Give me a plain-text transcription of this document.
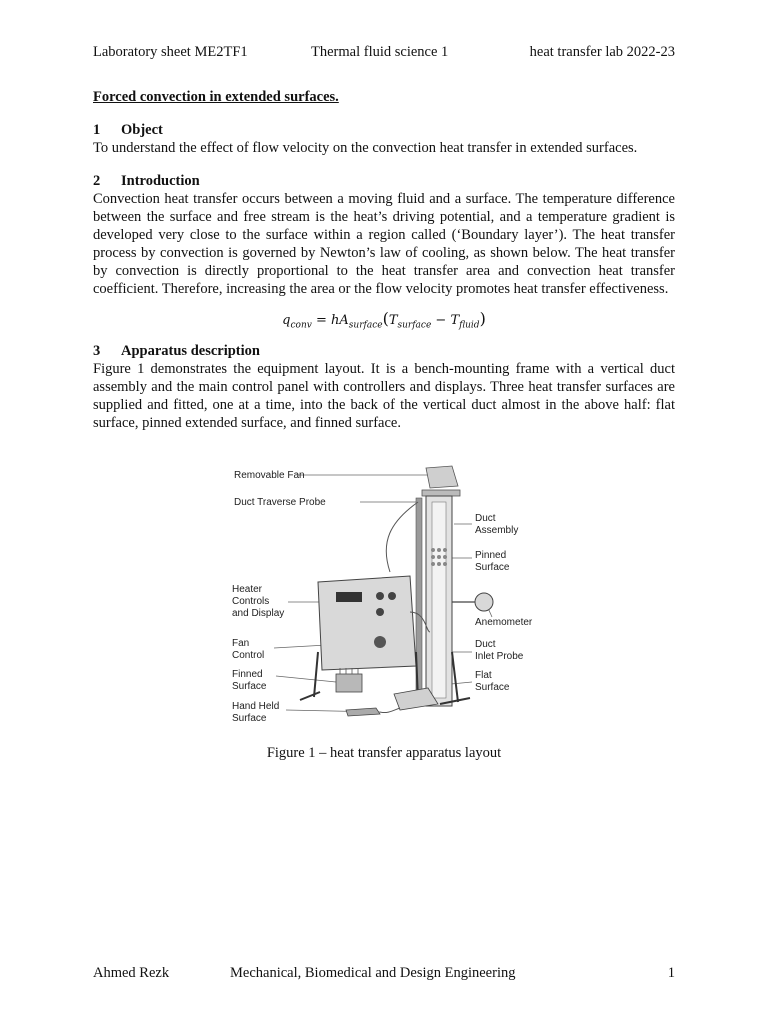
Laboratory sheet ME2TF1	Thermal fluid science 1	heat transfer lab 2022-23
Forced convection in extended surfaces.
1 Object

To understand the effect of flow velocity on the convection heat transfer in extended surfaces.

2 Introduction

Convection heat transfer occurs between a moving fluid and a surface. The temperature difference between the surface and free stream is the heat’s driving potential, and a temperature gradient is developed very close to the surface within a region called (‘Boundary layer’). The heat transfer process by convection is governed by Newton’s law of cooling, as shown below. The heat transfer by convection is directly proportional to the heat transfer area and convection heat transfer coefficient. Therefore, increasing the area or the flow velocity promotes heat transfer effectiveness.

$q_{conv} = hA_{surface}(T_{surface} - T_{fluid})$
3 Apparatus description

Figure 1 demonstrates the equipment layout. It is a bench-mounting frame with a vertical duct assembly and the main control panel with controllers and displays. Three heat transfer surfaces are supplied and fitted, one at a time, into the back of the vertical duct almost in the above half: flat surface, pinned extended surface, and finned surface.

Removable Fan
Duct Traverse Probe
Duct
Assembly
Pinned
Surface
Heater
Controls
and Display
Anemometer
Fan
Control
Duct
Inlet Probe
Finned
Surface
Flat
Surface
Hand Held
Surface
Figure 1 – heat transfer apparatus layout
Ahmed Rezk	Mechanical, Biomedical and Design Engineering	1
